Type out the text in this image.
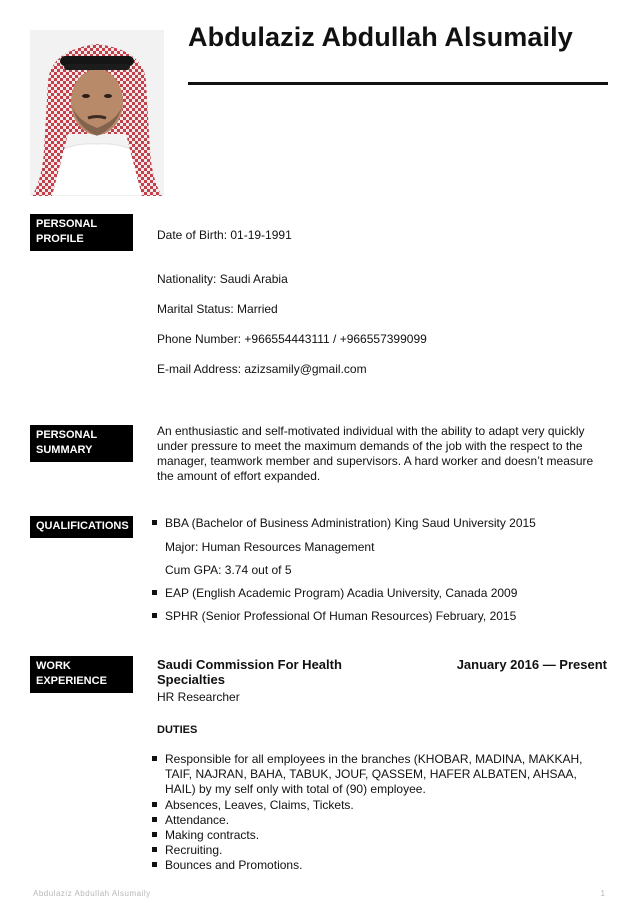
Abdulaziz Abdullah Alsumaily
PERSONAL
PROFILE	Date of Birth: 01-19-1991
Nationality: Saudi Arabia
Marital Status: Married
Phone Number: +966554443111 / +966557399099
E-mail Address: azizsamily@gmail.com
PERSONAL
SUMMARY
An enthusiastic and self-motivated individual with the ability to adapt very quickly under pressure to meet the maximum demands of the job with the respect to the manager, teamwork member and supervisors. A hard worker and doesn’t measure the amount of effort expanded.
QUALIFICATIONS	BBA (Bachelor of Business Administration) King Saud University 2015
Major: Human Resources Management
Cum GPA: 3.74 out of 5
EAP (English Academic Program) Acadia University, Canada 2009
SPHR (Senior Professional Of Human Resources) February, 2015
WORK
EXPERIENCE
Saudi Commission For Health Specialties
January 2016 — Present
HR Researcher
DUTIES
Responsible for all employees in the branches (KHOBAR, MADINA, MAKKAH, TAIF, NAJRAN, BAHA, TABUK, JOUF, QASSEM, HAFER ALBATEN, AHSAA, HAIL) by my self only with total of (90) employee.
Absences, Leaves, Claims, Tickets.
Attendance.
Making contracts.
Recruiting.
Bounces and Promotions.
Abdulaziz Abdullah Alsumaily	1
